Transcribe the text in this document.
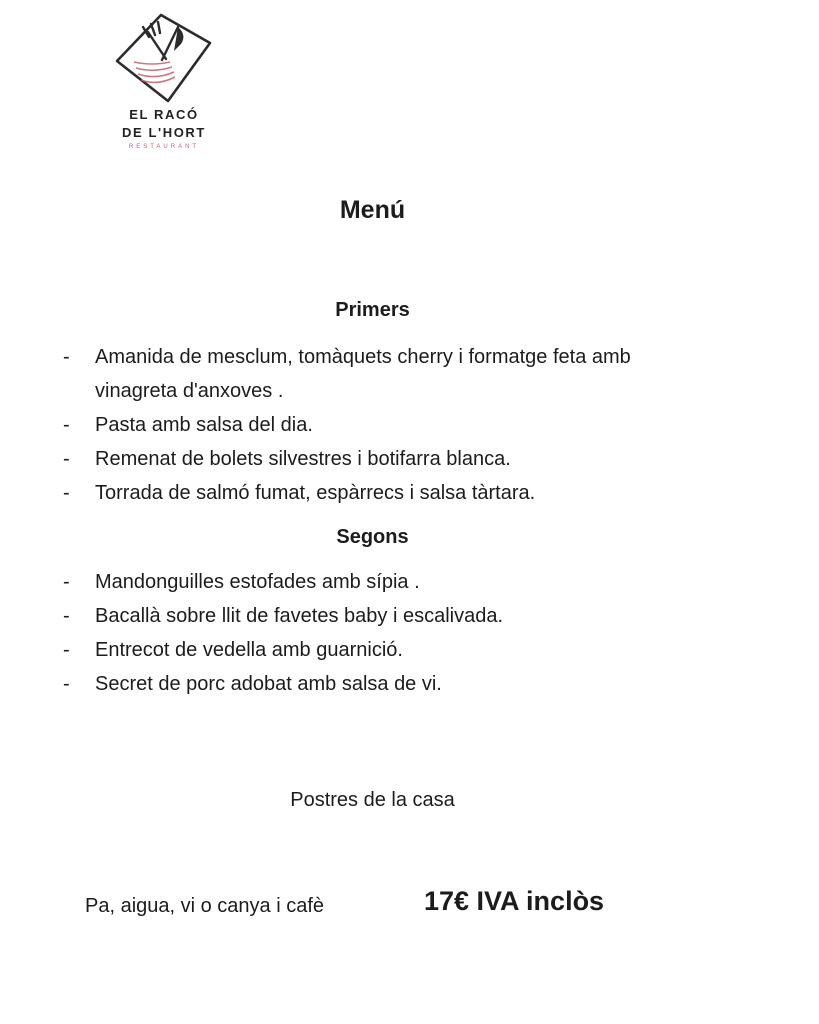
EL RACÓ
DE L'HORT
RESTAURANT
Menú
Primers
-	Amanida de mesclum, tomàquets cherry i formatge feta amb vinagreta d'anxoves .
-	Pasta amb salsa del dia.
-	Remenat de bolets silvestres i botifarra blanca.
-	Torrada de salmó fumat, espàrrecs i salsa tàrtara.
Segons
-	Mandonguilles estofades amb sípia .
-	Bacallà sobre llit de favetes baby i escalivada.
-	Entrecot de vedella amb guarnició.
-	Secret de porc adobat amb salsa de vi.
Postres de la casa
Pa, aigua, vi o canya i cafè	17€ IVA inclòs
